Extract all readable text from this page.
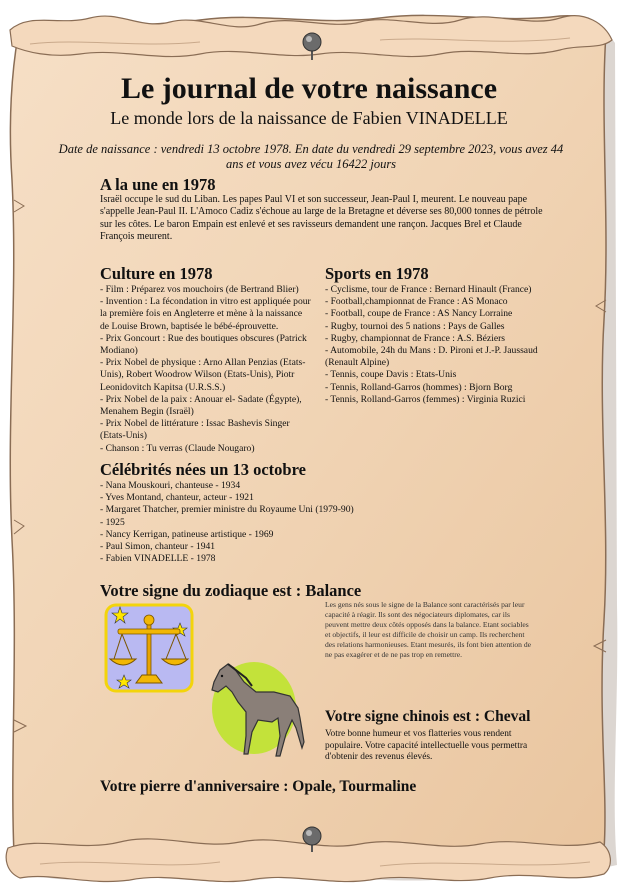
Le journal de votre naissance
Le monde lors de la naissance de Fabien VINADELLE
Date de naissance : vendredi 13 octobre 1978. En date du vendredi 29 septembre 2023, vous avez 44 ans et vous avez vécu 16422 jours
A la une en 1978
Israël occupe le sud du Liban. Les papes Paul VI et son successeur, Jean-Paul I, meurent. Le nouveau pape s'appelle Jean-Paul II. L'Amoco Cadiz s'échoue au large de la Bretagne et déverse ses 80,000 tonnes de pétrole sur les côtes. Le baron Empain est enlevé et ses ravisseurs demandent une rançon. Jacques Brel et Claude François meurent.
Culture en 1978
- Film : Préparez vos mouchoirs (de Bertrand Blier)
- Invention : La fécondation in vitro est appliquée pour la première fois en Angleterre et mène à la naissance de Louise Brown, baptisée le bébé-éprouvette.
- Prix Goncourt : Rue des boutiques obscures (Patrick Modiano)
- Prix Nobel de physique : Arno Allan Penzias (Etats-Unis), Robert Woodrow Wilson (Etats-Unis), Piotr Leonidovitch Kapitsa (U.R.S.S.)
- Prix Nobel de la paix : Anouar el- Sadate (Égypte), Menahem Begin (Israël)
- Prix Nobel de littérature : Issac Bashevis Singer (Etats-Unis)
- Chanson : Tu verras (Claude Nougaro)
Sports en 1978
- Cyclisme, tour de France : Bernard Hinault (France)
- Football,championnat de France : AS Monaco
- Football, coupe de France : AS Nancy Lorraine
- Rugby, tournoi des 5 nations : Pays de Galles
- Rugby, championnat de France : A.S. Béziers
- Automobile, 24h du Mans : D. Pironi et J.-P. Jaussaud (Renault Alpine)
- Tennis, coupe Davis : Etats-Unis
- Tennis, Rolland-Garros (hommes) : Bjorn Borg
- Tennis, Rolland-Garros (femmes) : Virginia Ruzici
Célébrités nées un 13 octobre
- Nana Mouskouri, chanteuse - 1934
- Yves Montand, chanteur, acteur - 1921
- Margaret Thatcher, premier ministre du Royaume Uni (1979-90)
- 1925
- Nancy Kerrigan, patineuse artistique - 1969
- Paul Simon, chanteur - 1941
- Fabien VINADELLE - 1978
Votre signe du zodiaque est : Balance
Les gens nés sous le signe de la Balance sont caractérisés par leur capacité à réagir. Ils sont des négociateurs diplomates, car ils peuvent mettre deux côtés opposés dans la balance. Etant sociables et objectifs, il leur est difficile de choisir un camp. Ils recherchent des relations harmonieuses. Etant mesurés, ils font bien attention de ne pas exagérer et de ne pas trop en remettre.
Votre signe chinois est : Cheval
Votre bonne humeur et vos flatteries vous rendent populaire. Votre capacité intellectuelle vous permettra d'obtenir des revenus élevés.
Votre pierre d'anniversaire : Opale, Tourmaline
